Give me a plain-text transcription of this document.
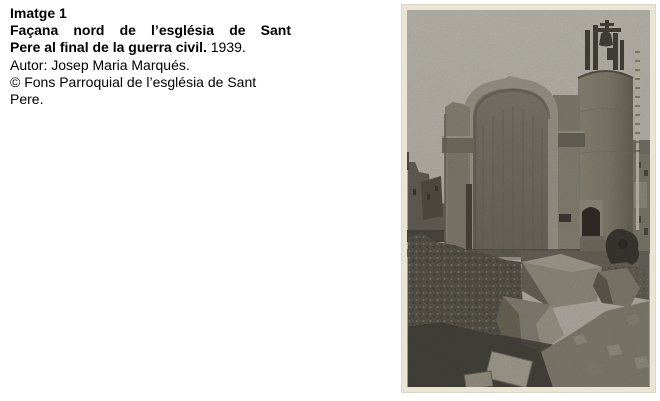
Imatge 1
Façana nord de l’església de Sant
Pere al final de la guerra civil. 1939.
Autor: Josep Maria Marqués.
© Fons Parroquial de l’església de Sant
Pere.
